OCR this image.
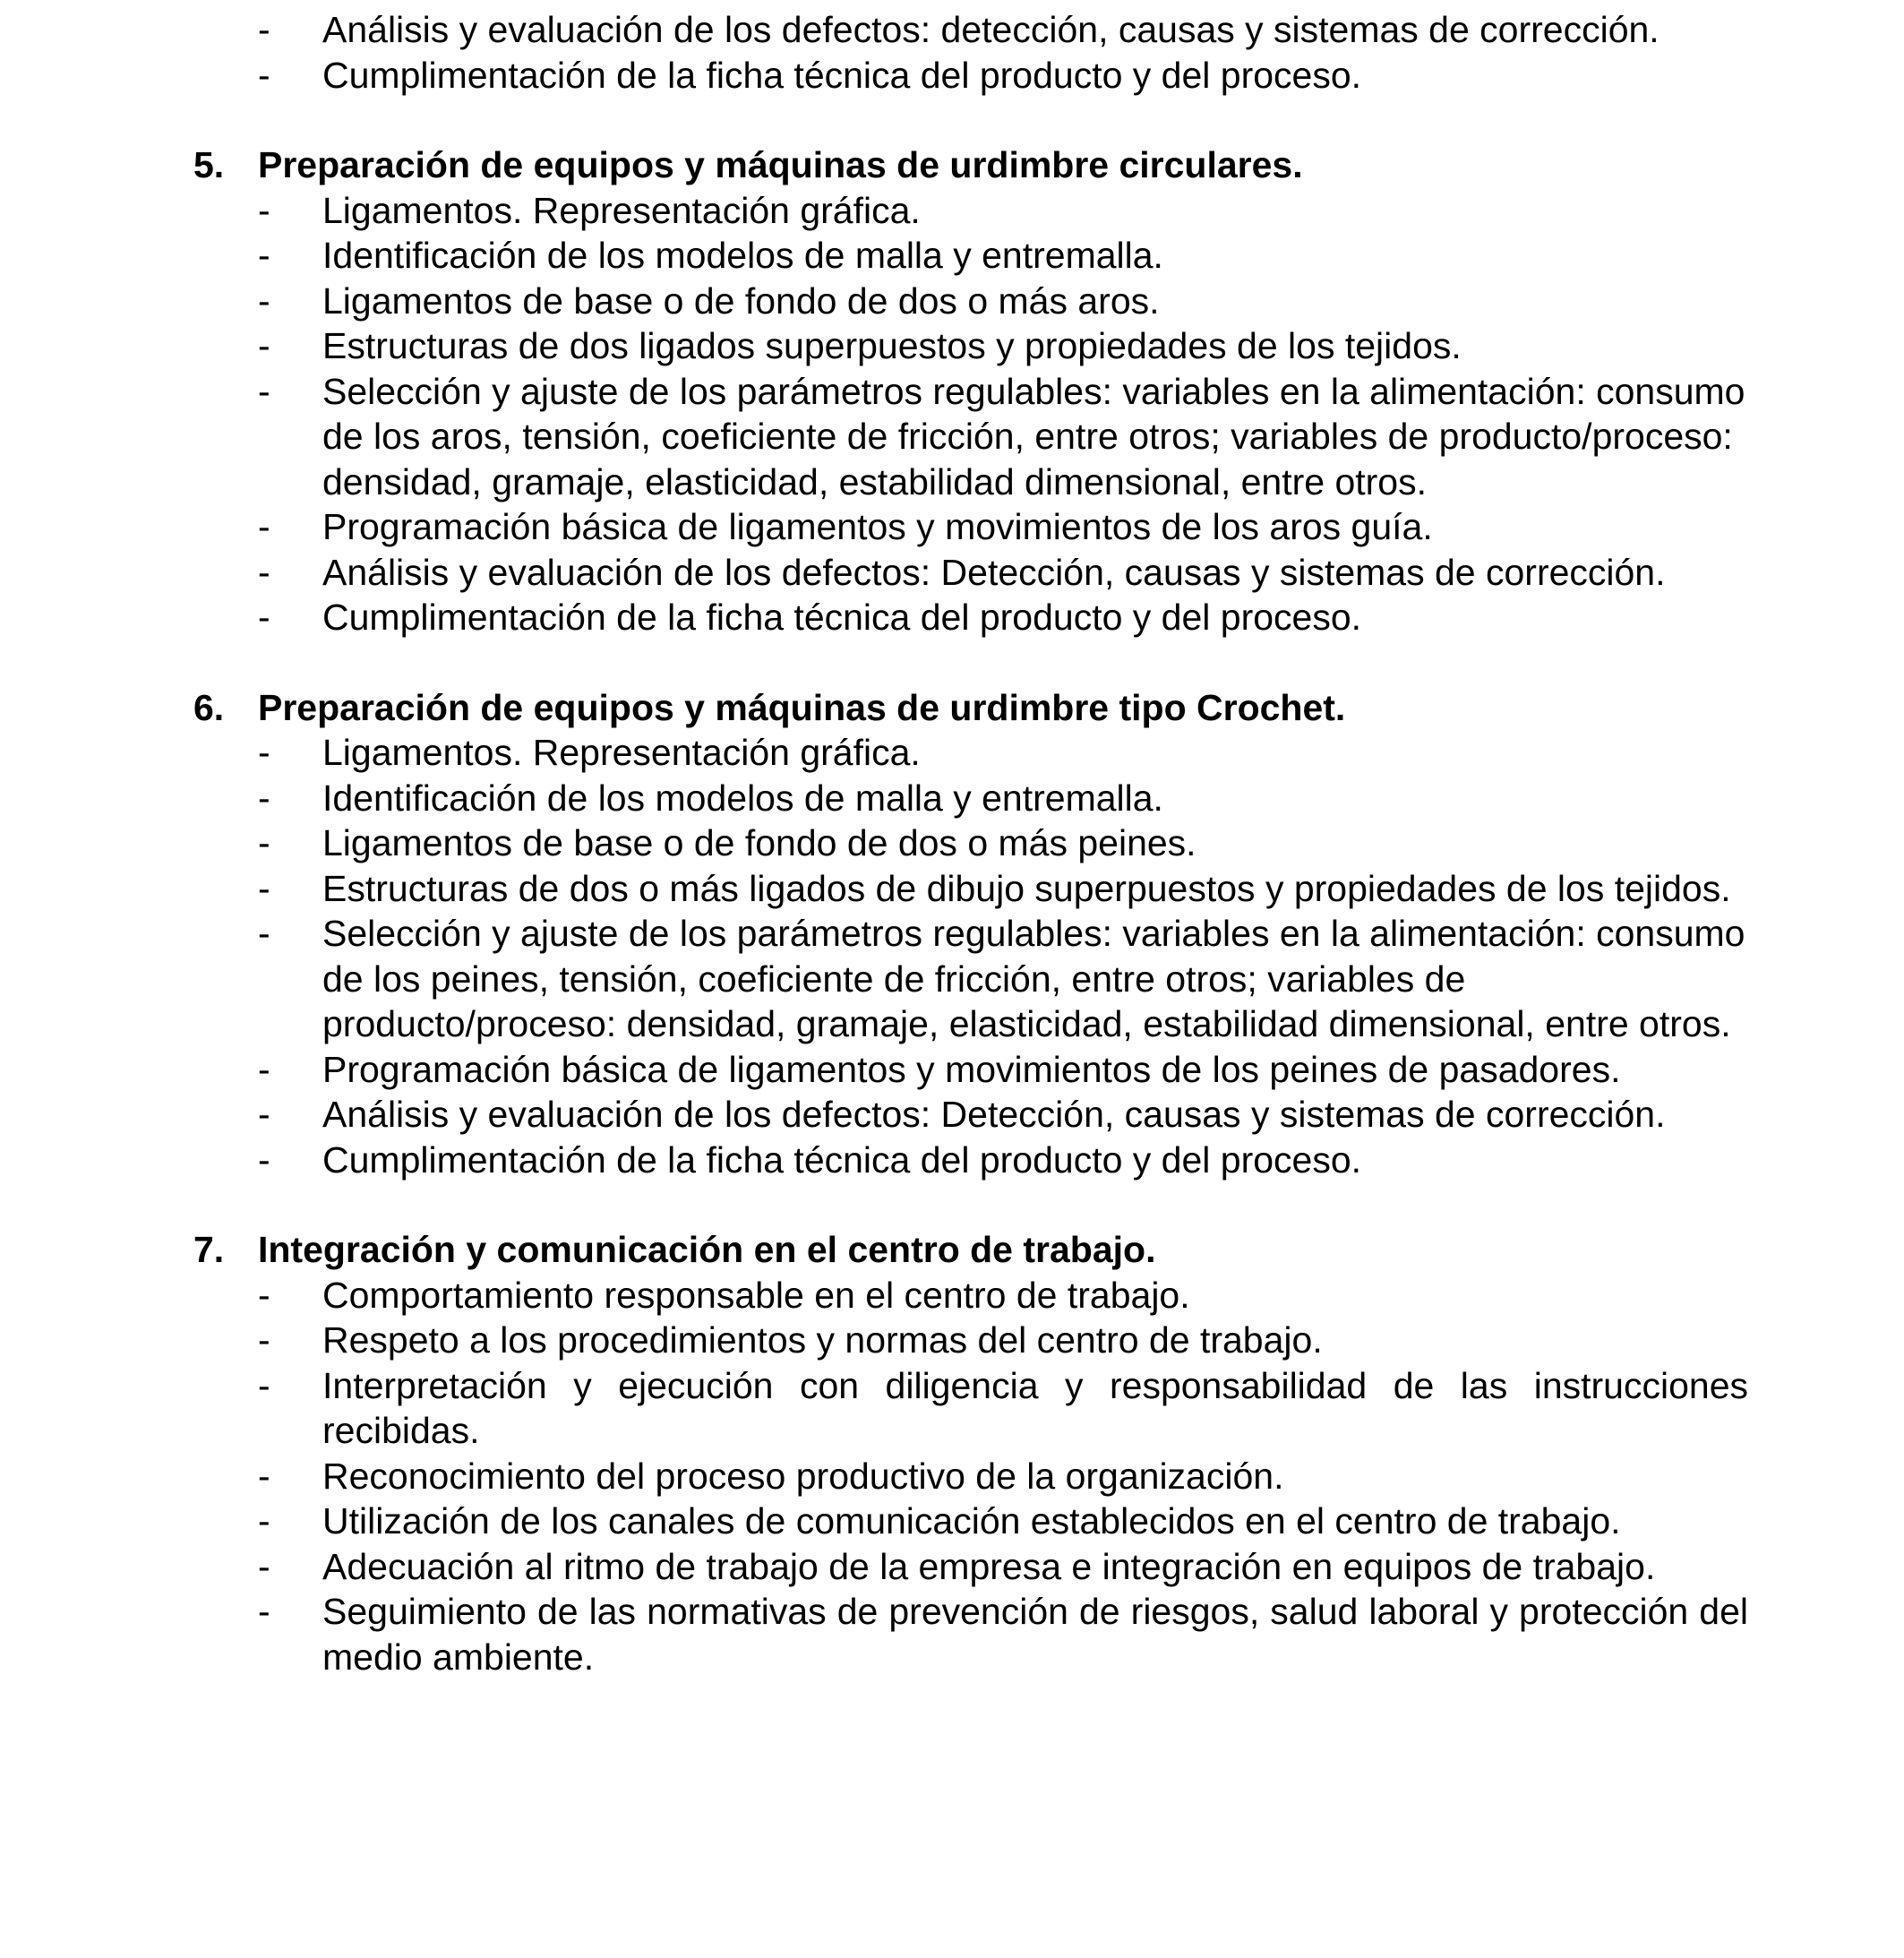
- Análisis y evaluación de los defectos: detección, causas y sistemas de corrección.
- Cumplimentación de la ficha técnica del producto y del proceso.
5. Preparación de equipos y máquinas de urdimbre circulares.
- Ligamentos. Representación gráfica.
- Identificación de los modelos de malla y entremalla.
- Ligamentos de base o de fondo de dos o más aros.
- Estructuras de dos ligados superpuestos y propiedades de los tejidos.
- Selección y ajuste de los parámetros regulables: variables en la alimentación: consumo de los aros, tensión, coeficiente de fricción, entre otros; variables de producto/proceso: densidad, gramaje, elasticidad, estabilidad dimensional, entre otros.
- Programación básica de ligamentos y movimientos de los aros guía.
- Análisis y evaluación de los defectos: Detección, causas y sistemas de corrección.
- Cumplimentación de la ficha técnica del producto y del proceso.
6. Preparación de equipos y máquinas de urdimbre tipo Crochet.
- Ligamentos. Representación gráfica.
- Identificación de los modelos de malla y entremalla.
- Ligamentos de base o de fondo de dos o más peines.
- Estructuras de dos o más ligados de dibujo superpuestos y propiedades de los tejidos.
- Selección y ajuste de los parámetros regulables: variables en la alimentación: consumo de los peines, tensión, coeficiente de fricción, entre otros; variables de producto/proceso: densidad, gramaje, elasticidad, estabilidad dimensional, entre otros.
- Programación básica de ligamentos y movimientos de los peines de pasadores.
- Análisis y evaluación de los defectos: Detección, causas y sistemas de corrección.
- Cumplimentación de la ficha técnica del producto y del proceso.
7. Integración y comunicación en el centro de trabajo.
- Comportamiento responsable en el centro de trabajo.
- Respeto a los procedimientos y normas del centro de trabajo.
- Interpretación y ejecución con diligencia y responsabilidad de las instrucciones recibidas.
- Reconocimiento del proceso productivo de la organización.
- Utilización de los canales de comunicación establecidos en el centro de trabajo.
- Adecuación al ritmo de trabajo de la empresa e integración en equipos de trabajo.
- Seguimiento de las normativas de prevención de riesgos, salud laboral y protección del medio ambiente.
